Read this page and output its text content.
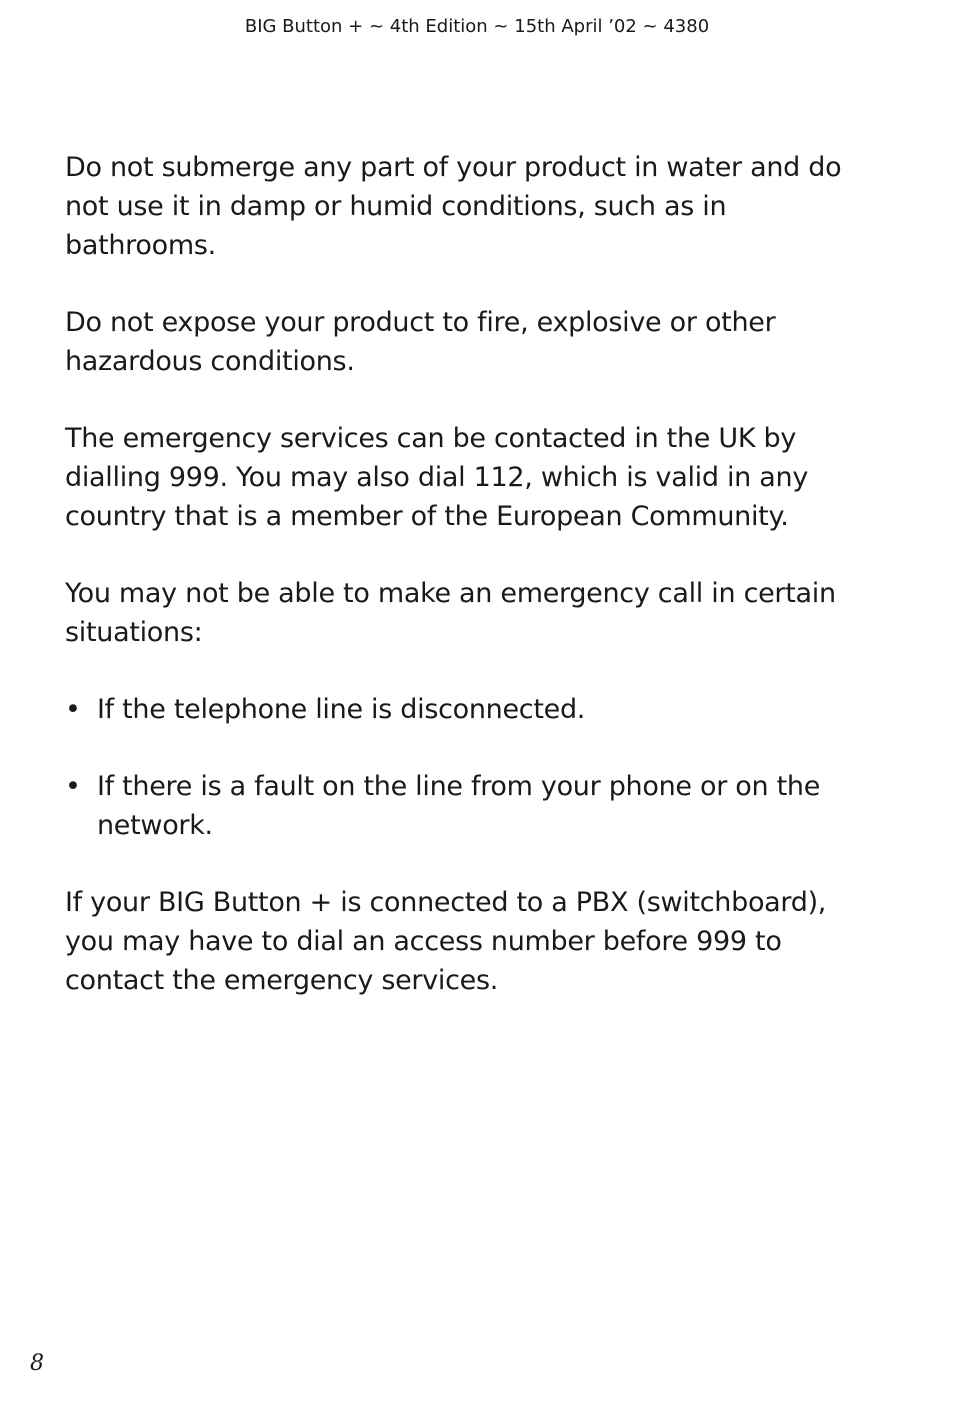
BIG Button + ~ 4th Edition ~ 15th April ’02 ~ 4380

Do not submerge any part of your product in water and do not use it in damp or humid conditions, such as in bathrooms.

Do not expose your product to fire, explosive or other hazardous conditions.

The emergency services can be contacted in the UK by dialling 999. You may also dial 112, which is valid in any country that is a member of the European Community.

You may not be able to make an emergency call in certain situations:

• If the telephone line is disconnected.
• If there is a fault on the line from your phone or on the network.

If your BIG Button + is connected to a PBX (switchboard), you may have to dial an access number before 999 to contact the emergency services.

8
